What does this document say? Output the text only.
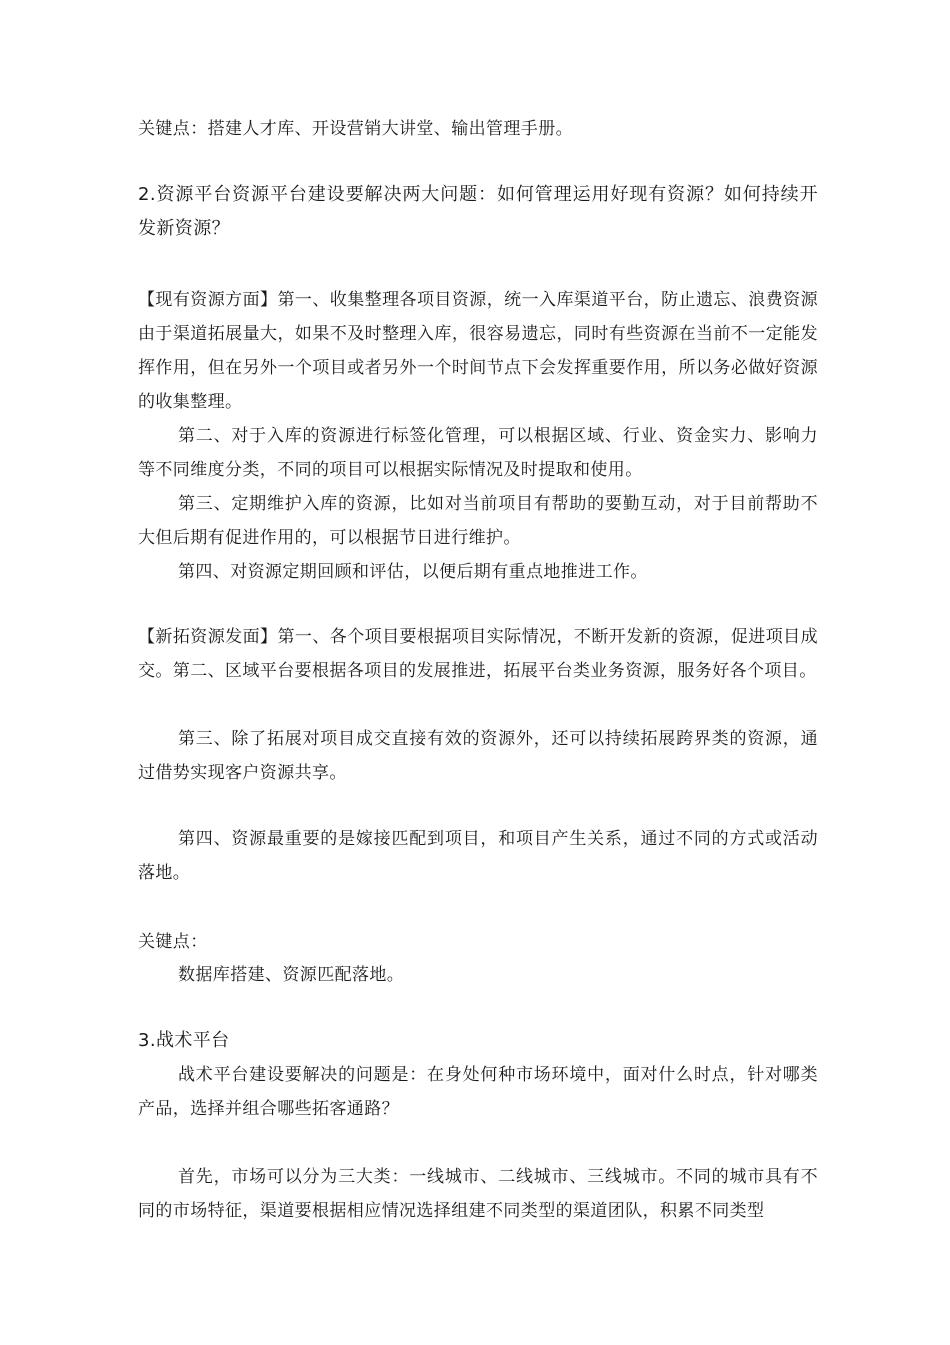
关键点：搭建人才库、开设营销大讲堂、输出管理手册。

2.资源平台资源平台建设要解决两大问题：如何管理运用好现有资源？如何持续开发新资源？

【现有资源方面】第一、收集整理各项目资源，统一入库渠道平台，防止遗忘、浪费资源由于渠道拓展量大，如果不及时整理入库，很容易遗忘，同时有些资源在当前不一定能发挥作用，但在另外一个项目或者另外一个时间节点下会发挥重要作用，所以务必做好资源的收集整理。

第二、对于入库的资源进行标签化管理，可以根据区域、行业、资金实力、影响力等不同维度分类，不同的项目可以根据实际情况及时提取和使用。

第三、定期维护入库的资源，比如对当前项目有帮助的要勤互动，对于目前帮助不大但后期有促进作用的，可以根据节日进行维护。

第四、对资源定期回顾和评估，以便后期有重点地推进工作。

【新拓资源发面】第一、各个项目要根据项目实际情况，不断开发新的资源，促进项目成交。第二、区域平台要根据各项目的发展推进，拓展平台类业务资源，服务好各个项目。

第三、除了拓展对项目成交直接有效的资源外，还可以持续拓展跨界类的资源，通过借势实现客户资源共享。

第四、资源最重要的是嫁接匹配到项目，和项目产生关系，通过不同的方式或活动落地。

关键点：

数据库搭建、资源匹配落地。

3.战术平台

战术平台建设要解决的问题是：在身处何种市场环境中，面对什么时点，针对哪类产品，选择并组合哪些拓客通路？

首先，市场可以分为三大类：一线城市、二线城市、三线城市。不同的城市具有不同的市场特征，渠道要根据相应情况选择组建不同类型的渠道团队，积累不同类型
